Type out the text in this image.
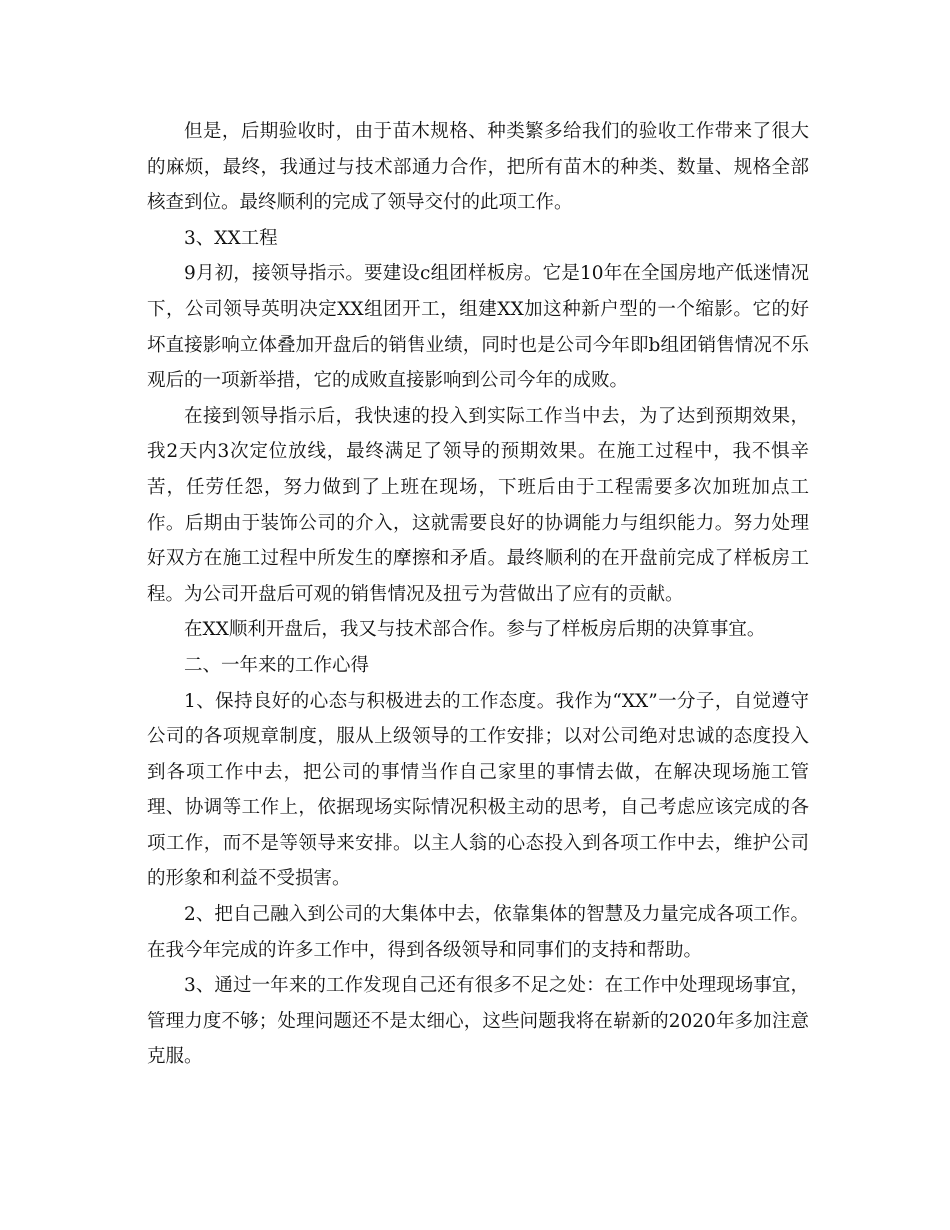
但是，后期验收时，由于苗木规格、种类繁多给我们的验收工作带来了很大的麻烦，最终，我通过与技术部通力合作，把所有苗木的种类、数量、规格全部核查到位。最终顺利的完成了领导交付的此项工作。

3、XX工程

9月初，接领导指示。要建设c组团样板房。它是10年在全国房地产低迷情况下，公司领导英明决定XX组团开工，组建XX加这种新户型的一个缩影。它的好坏直接影响立体叠加开盘后的销售业绩，同时也是公司今年即b组团销售情况不乐观后的一项新举措，它的成败直接影响到公司今年的成败。

在接到领导指示后，我快速的投入到实际工作当中去，为了达到预期效果，我2天内3次定位放线，最终满足了领导的预期效果。在施工过程中，我不惧辛苦，任劳任怨，努力做到了上班在现场，下班后由于工程需要多次加班加点工作。后期由于装饰公司的介入，这就需要良好的协调能力与组织能力。努力处理好双方在施工过程中所发生的摩擦和矛盾。最终顺利的在开盘前完成了样板房工程。为公司开盘后可观的销售情况及扭亏为营做出了应有的贡献。

在XX顺利开盘后，我又与技术部合作。参与了样板房后期的决算事宜。

二、一年来的工作心得

1、保持良好的心态与积极进去的工作态度。我作为“XX”一分子，自觉遵守公司的各项规章制度，服从上级领导的工作安排；以对公司绝对忠诚的态度投入到各项工作中去，把公司的事情当作自己家里的事情去做，在解决现场施工管理、协调等工作上，依据现场实际情况积极主动的思考，自己考虑应该完成的各项工作，而不是等领导来安排。以主人翁的心态投入到各项工作中去，维护公司的形象和利益不受损害。

2、把自己融入到公司的大集体中去，依靠集体的智慧及力量完成各项工作。在我今年完成的许多工作中，得到各级领导和同事们的支持和帮助。

3、通过一年来的工作发现自己还有很多不足之处：在工作中处理现场事宜，管理力度不够；处理问题还不是太细心，这些问题我将在崭新的2020年多加注意克服。
